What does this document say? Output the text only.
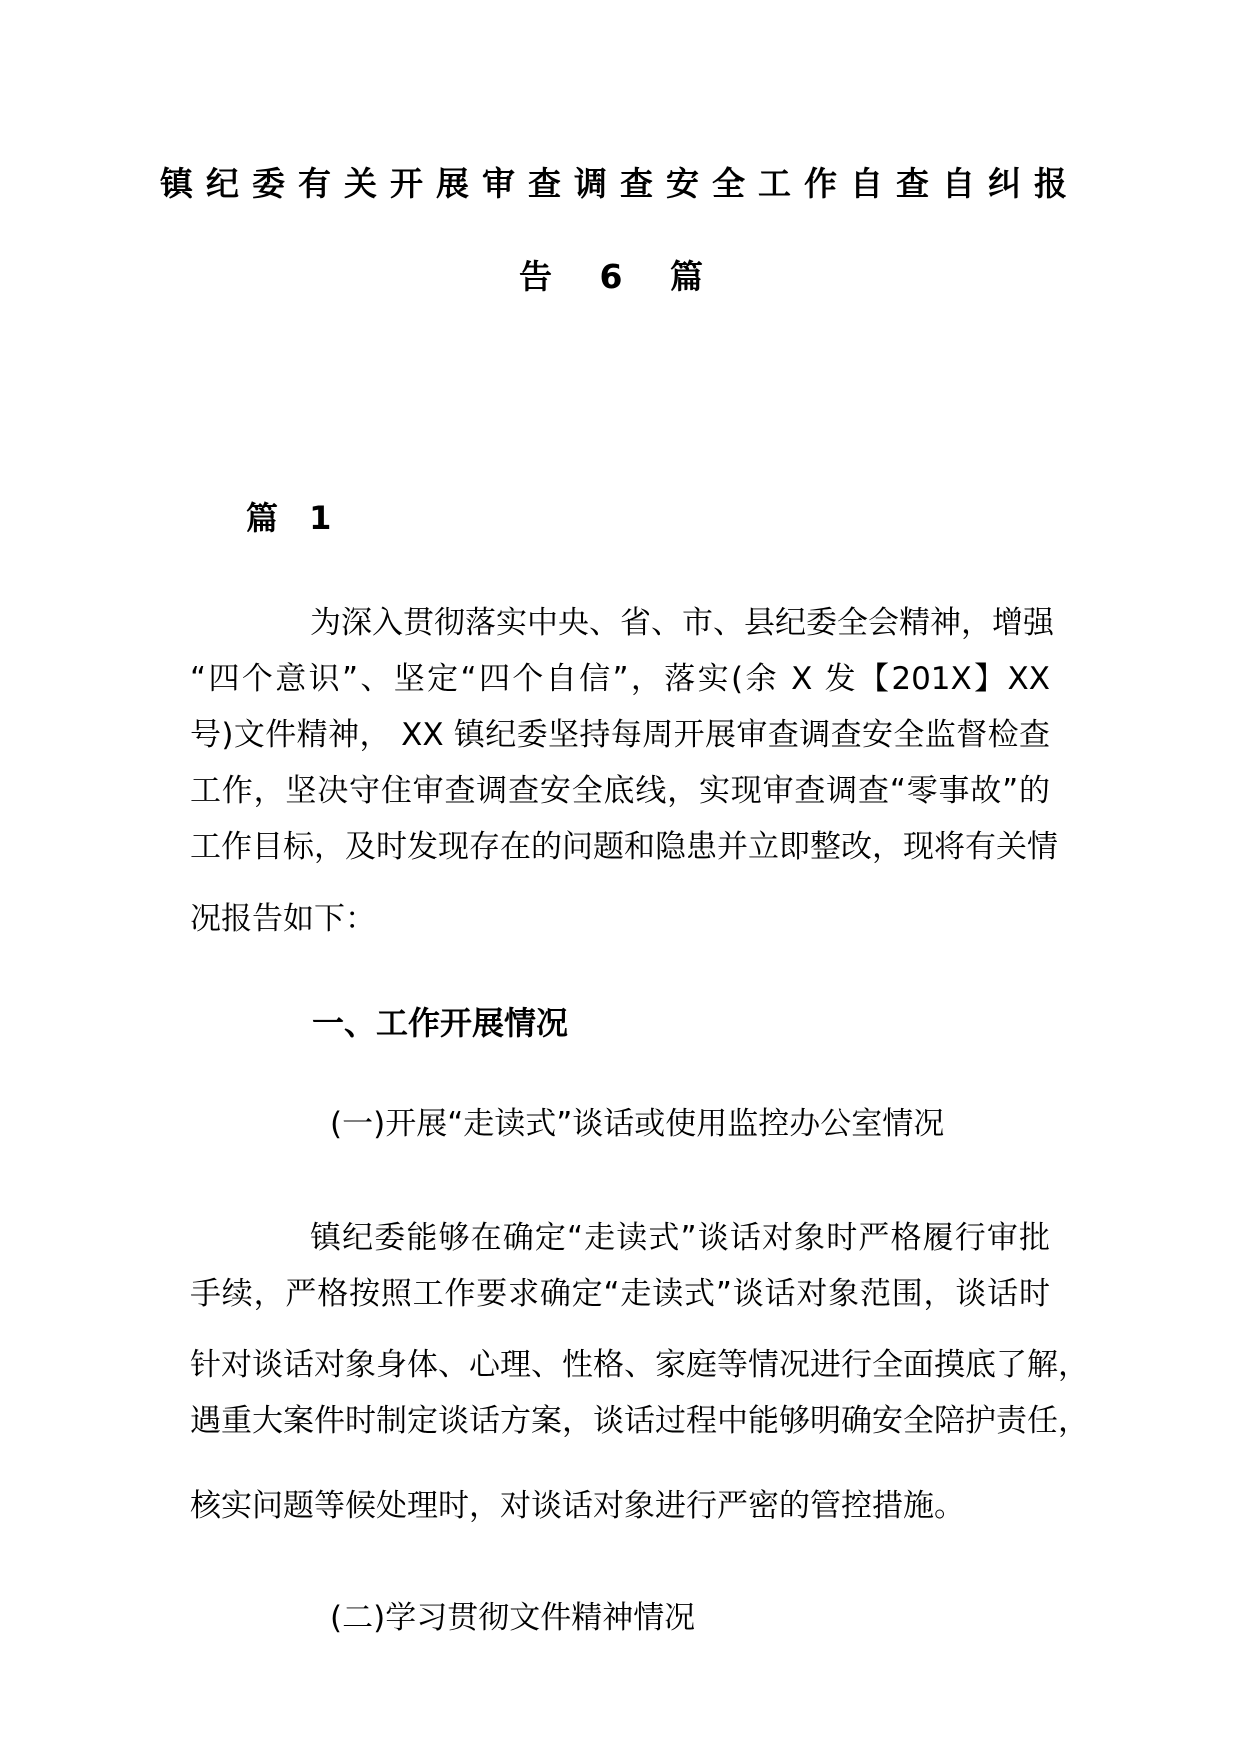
镇纪委有关开展审查调查安全工作自查自纠报
告 6 篇
篇 1
为深入贯彻落实中央、省、市、县纪委全会精神，增强
“四个意识”、坚定“四个自信”，落实(余 X 发【201X】XX
号)文件精神， XX 镇纪委坚持每周开展审查调查安全监督检查
工作，坚决守住审查调查安全底线，实现审查调查“零事故”的
工作目标，及时发现存在的问题和隐患并立即整改，现将有关情
况报告如下：
一、工作开展情况
(一)开展“走读式”谈话或使用监控办公室情况
镇纪委能够在确定“走读式”谈话对象时严格履行审批
手续，严格按照工作要求确定“走读式”谈话对象范围，谈话时
针对谈话对象身体、心理、性格、家庭等情况进行全面摸底了解，
遇重大案件时制定谈话方案，谈话过程中能够明确安全陪护责任，
核实问题等候处理时，对谈话对象进行严密的管控措施。
(二)学习贯彻文件精神情况
